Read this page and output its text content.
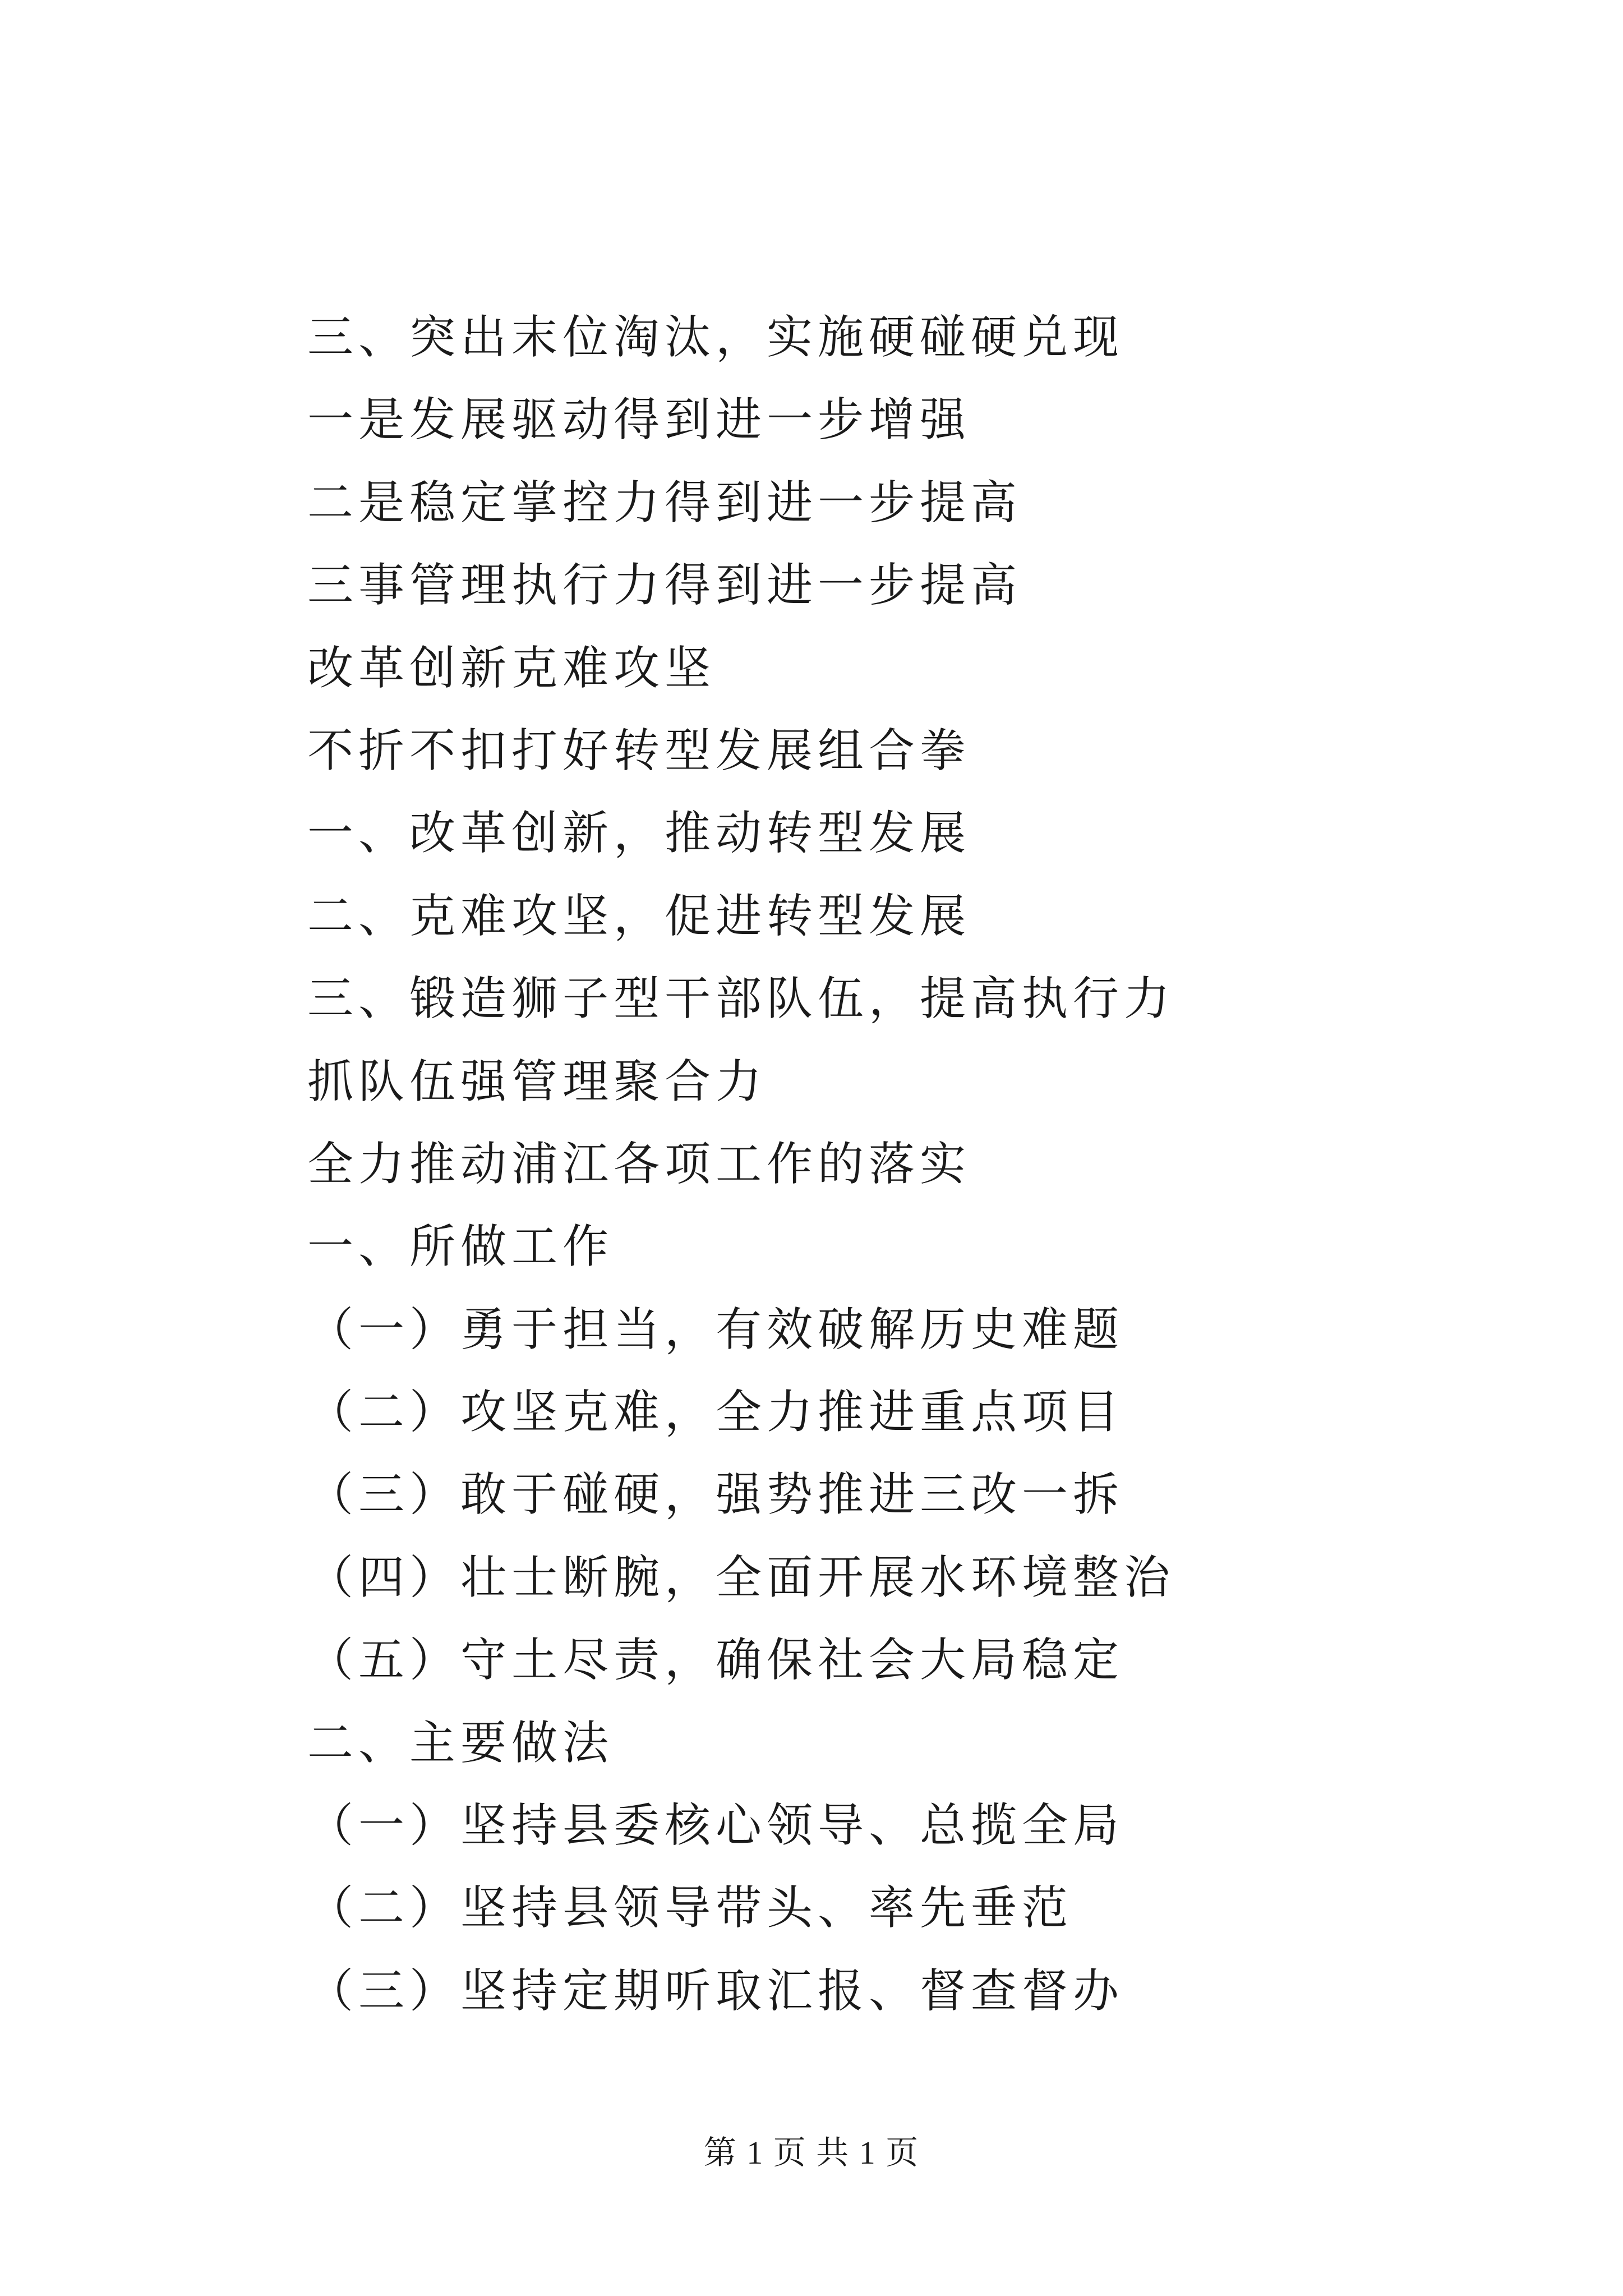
三、突出末位淘汰，实施硬碰硬兑现
一是发展驱动得到进一步增强
二是稳定掌控力得到进一步提高
三事管理执行力得到进一步提高
改革创新克难攻坚
不折不扣打好转型发展组合拳
一、改革创新，推动转型发展
二、克难攻坚，促进转型发展
三、锻造狮子型干部队伍，提高执行力
抓队伍强管理聚合力
全力推动浦江各项工作的落实
一、所做工作
（一）勇于担当，有效破解历史难题
（二）攻坚克难，全力推进重点项目
（三）敢于碰硬，强势推进三改一拆
（四）壮士断腕，全面开展水环境整治
（五）守土尽责，确保社会大局稳定
二、主要做法
（一）坚持县委核心领导、总揽全局
（二）坚持县领导带头、率先垂范
（三）坚持定期听取汇报、督查督办
第 1 页 共 1 页
